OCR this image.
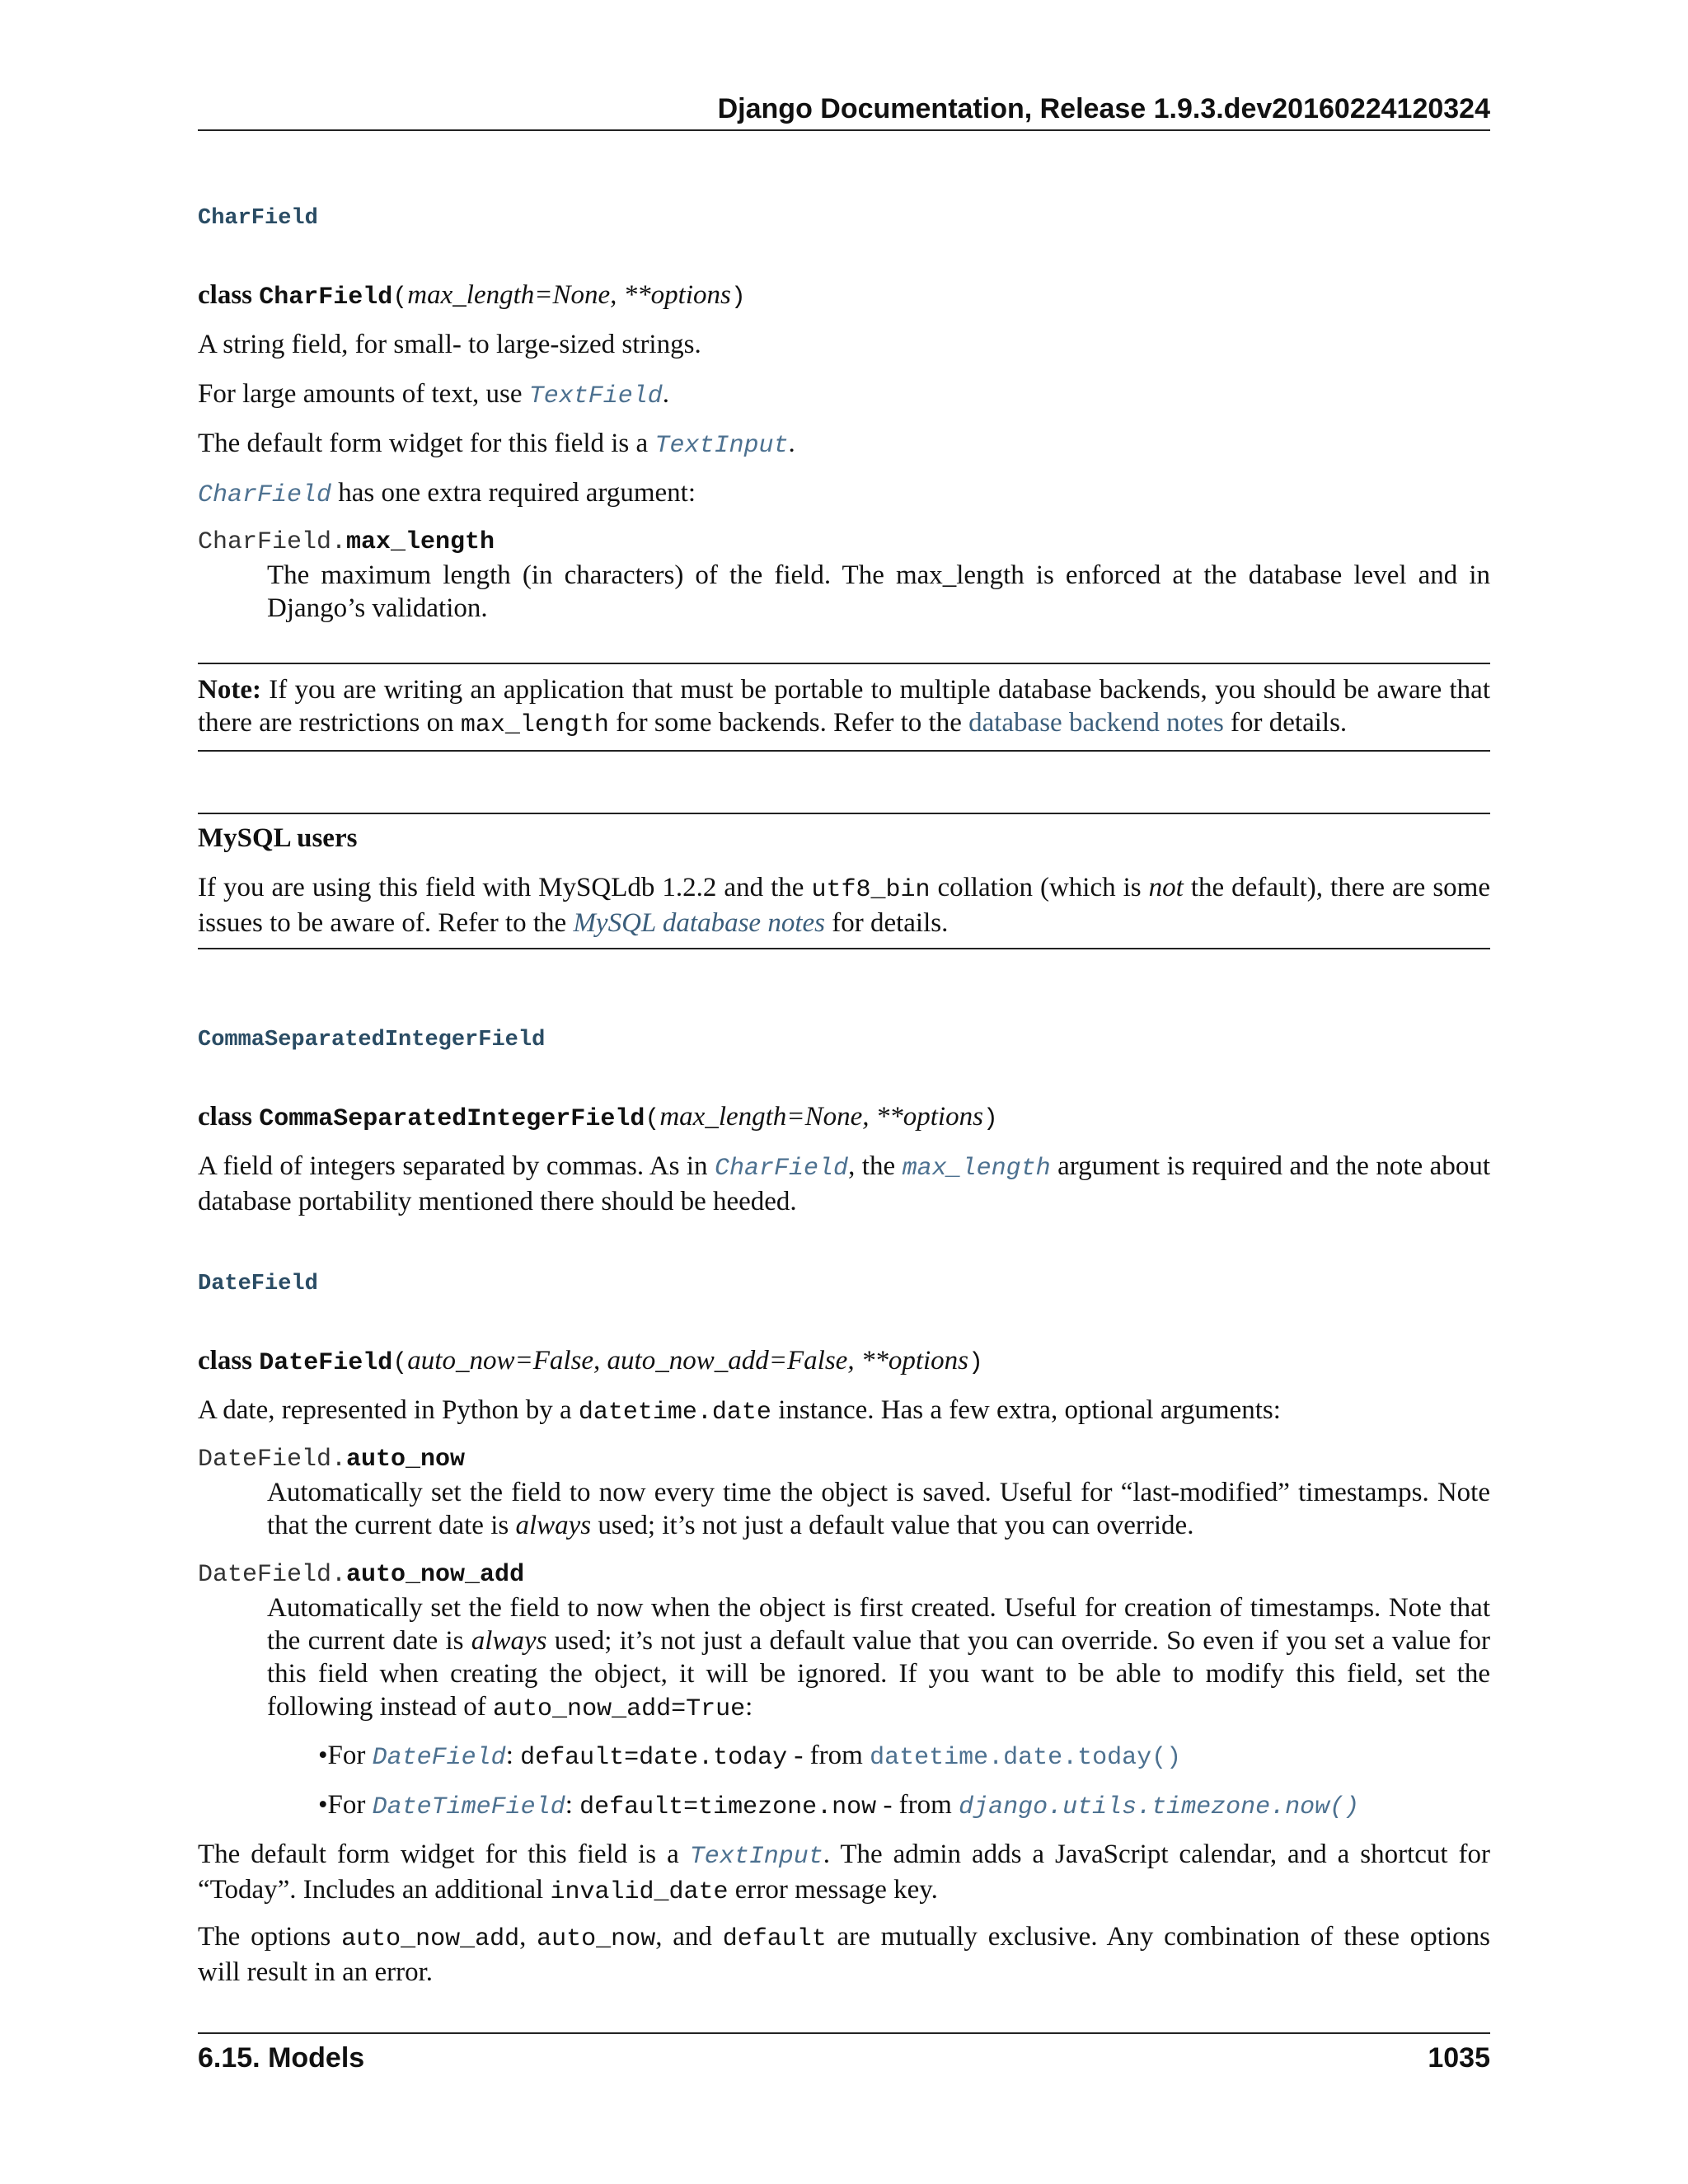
Django Documentation, Release 1.9.3.dev20160224120324
CharField
class CharField(max_length=None, **options)
A string field, for small- to large-sized strings.
For large amounts of text, use TextField.
The default form widget for this field is a TextInput.
CharField has one extra required argument:
CharField.max_length
The maximum length (in characters) of the field. The max_length is enforced at the database level and in Django’s validation.
Note: If you are writing an application that must be portable to multiple database backends, you should be aware that there are restrictions on max_length for some backends. Refer to the database backend notes for details.
MySQL users
If you are using this field with MySQLdb 1.2.2 and the utf8_bin collation (which is not the default), there are some issues to be aware of. Refer to the MySQL database notes for details.
CommaSeparatedIntegerField
class CommaSeparatedIntegerField(max_length=None, **options)
A field of integers separated by commas. As in CharField, the max_length argument is required and the note about database portability mentioned there should be heeded.
DateField
class DateField(auto_now=False, auto_now_add=False, **options)
A date, represented in Python by a datetime.date instance. Has a few extra, optional arguments:
DateField.auto_now
Automatically set the field to now every time the object is saved. Useful for “last-modified” timestamps. Note that the current date is always used; it’s not just a default value that you can override.
DateField.auto_now_add
Automatically set the field to now when the object is first created. Useful for creation of timestamps. Note that the current date is always used; it’s not just a default value that you can override. So even if you set a value for this field when creating the object, it will be ignored. If you want to be able to modify this field, set the following instead of auto_now_add=True:
•For DateField: default=date.today - from datetime.date.today()
•For DateTimeField: default=timezone.now - from django.utils.timezone.now()
The default form widget for this field is a TextInput. The admin adds a JavaScript calendar, and a shortcut for “Today”. Includes an additional invalid_date error message key.
The options auto_now_add, auto_now, and default are mutually exclusive. Any combination of these options will result in an error.
6.15. Models	1035
